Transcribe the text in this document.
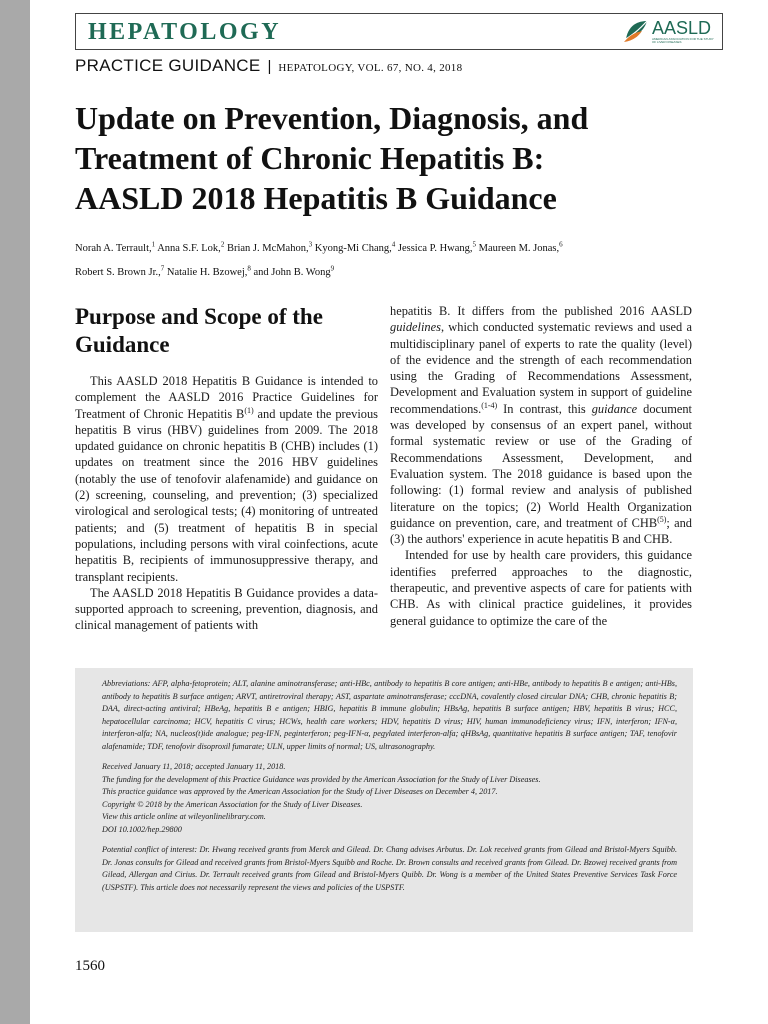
HEPATOLOGY	AASLD
AMERICAN ASSOCIATION FOR THE STUDY OF LIVER DISEASES
PRACTICE GUIDANCE | HEPATOLOGY, VOL. 67, NO. 4, 2018
Update on Prevention, Diagnosis, and
Treatment of Chronic Hepatitis B:
AASLD 2018 Hepatitis B Guidance
Norah A. Terrault,$^1$ Anna S.F. Lok,$^2$ Brian J. McMahon,$^3$ Kyong-Mi Chang,$^4$ Jessica P. Hwang,$^5$ Maureen M. Jonas,$^6$
Robert S. Brown Jr.,$^7$ Natalie H. Bzowej,$^8$ and John B. Wong$^9$
Purpose and Scope of the Guidance

This AASLD 2018 Hepatitis B Guidance is intended to complement the AASLD 2016 Practice Guidelines for Treatment of Chronic Hepatitis $B^{(1)}$ and update the previous hepatitis B virus (HBV) guidelines from 2009. The 2018 updated guidance on chronic hepatitis B (CHB) includes (1) updates on treatment since the 2016 HBV guidelines (notably the use of tenofovir alafenamide) and guidance on (2) screening, counseling, and prevention; (3) specialized virological and serological tests; (4) monitoring of untreated patients; and (5) treatment of hepatitis B in special populations, including persons with viral coinfections, acute hepatitis B, recipients of immunosuppressive therapy, and transplant recipients.

The AASLD 2018 Hepatitis B Guidance provides a data-supported approach to screening, prevention, diagnosis, and clinical management of patients with

hepatitis B. It differs from the published 2016 AASLD guidelines, which conducted systematic reviews and used a multidisciplinary panel of experts to rate the quality (level) of the evidence and the strength of each recommendation using the Grading of Recommendations Assessment, Development and Evaluation system in support of guideline recommendations.$^{(1-4)}$ In contrast, this guidance document was developed by consensus of an expert panel, without formal systematic review or use of the Grading of Recommendations Assessment, Development, and Evaluation system. The 2018 guidance is based upon the following: (1) formal review and analysis of published literature on the topics; (2) World Health Organization guidance on prevention, care, and treatment of CHB$^{(5)}$; and (3) the authors' experience in acute hepatitis B and CHB.

Intended for use by health care providers, this guidance identifies preferred approaches to the diagnostic, therapeutic, and preventive aspects of care for patients with CHB. As with clinical practice guidelines, it provides general guidance to optimize the care of the

Abbreviations: AFP, alpha-fetoprotein; ALT, alanine aminotransferase; anti-HBc, antibody to hepatitis B core antigen; anti-HBe, antibody to hepatitis B e antigen; anti-HBs, antibody to hepatitis B surface antigen; ARVT, antiretroviral therapy; AST, aspartate aminotransferase; cccDNA, covalently closed circular DNA; CHB, chronic hepatitis B; DAA, direct-acting antiviral; HBeAg, hepatitis B e antigen; HBIG, hepatitis B immune globulin; HBsAg, hepatitis B surface antigen; HBV, hepatitis B virus; HCC, hepatocellular carcinoma; HCV, hepatitis C virus; HCWs, health care workers; HDV, hepatitis D virus; HIV, human immunodeficiency virus; IFN, interferon; IFN-α, interferon-alfa; NA, nucleos(t)ide analogue; peg-IFN, peginterferon; peg-IFN-α, pegylated interferon-alfa; qHBsAg, quantitative hepatitis B surface antigen; TAF, tenofovir alafenamide; TDF, tenofovir disoproxil fumarate; ULN, upper limits of normal; US, ultrasonography.
Received January 11, 2018; accepted January 11, 2018.
The funding for the development of this Practice Guidance was provided by the American Association for the Study of Liver Diseases.
This practice guidance was approved by the American Association for the Study of Liver Diseases on December 4, 2017.
Copyright © 2018 by the American Association for the Study of Liver Diseases.
View this article online at wileyonlinelibrary.com.
DOI 10.1002/hep.29800
Potential conflict of interest: Dr. Hwang received grants from Merck and Gilead. Dr. Chang advises Arbutus. Dr. Lok received grants from Gilead and Bristol-Myers Squibb. Dr. Jonas consults for Gilead and received grants from Bristol-Myers Squibb and Roche. Dr. Brown consults and received grants from Gilead. Dr. Bzowej received grants from Gilead, Allergan and Cirius. Dr. Terrault received grants from Gilead and Bristol-Myers Quibb. Dr. Wong is a member of the United States Preventive Services Task Force (USPSTF). This article does not necessarily represent the views and policies of the USPSTF.
1560
